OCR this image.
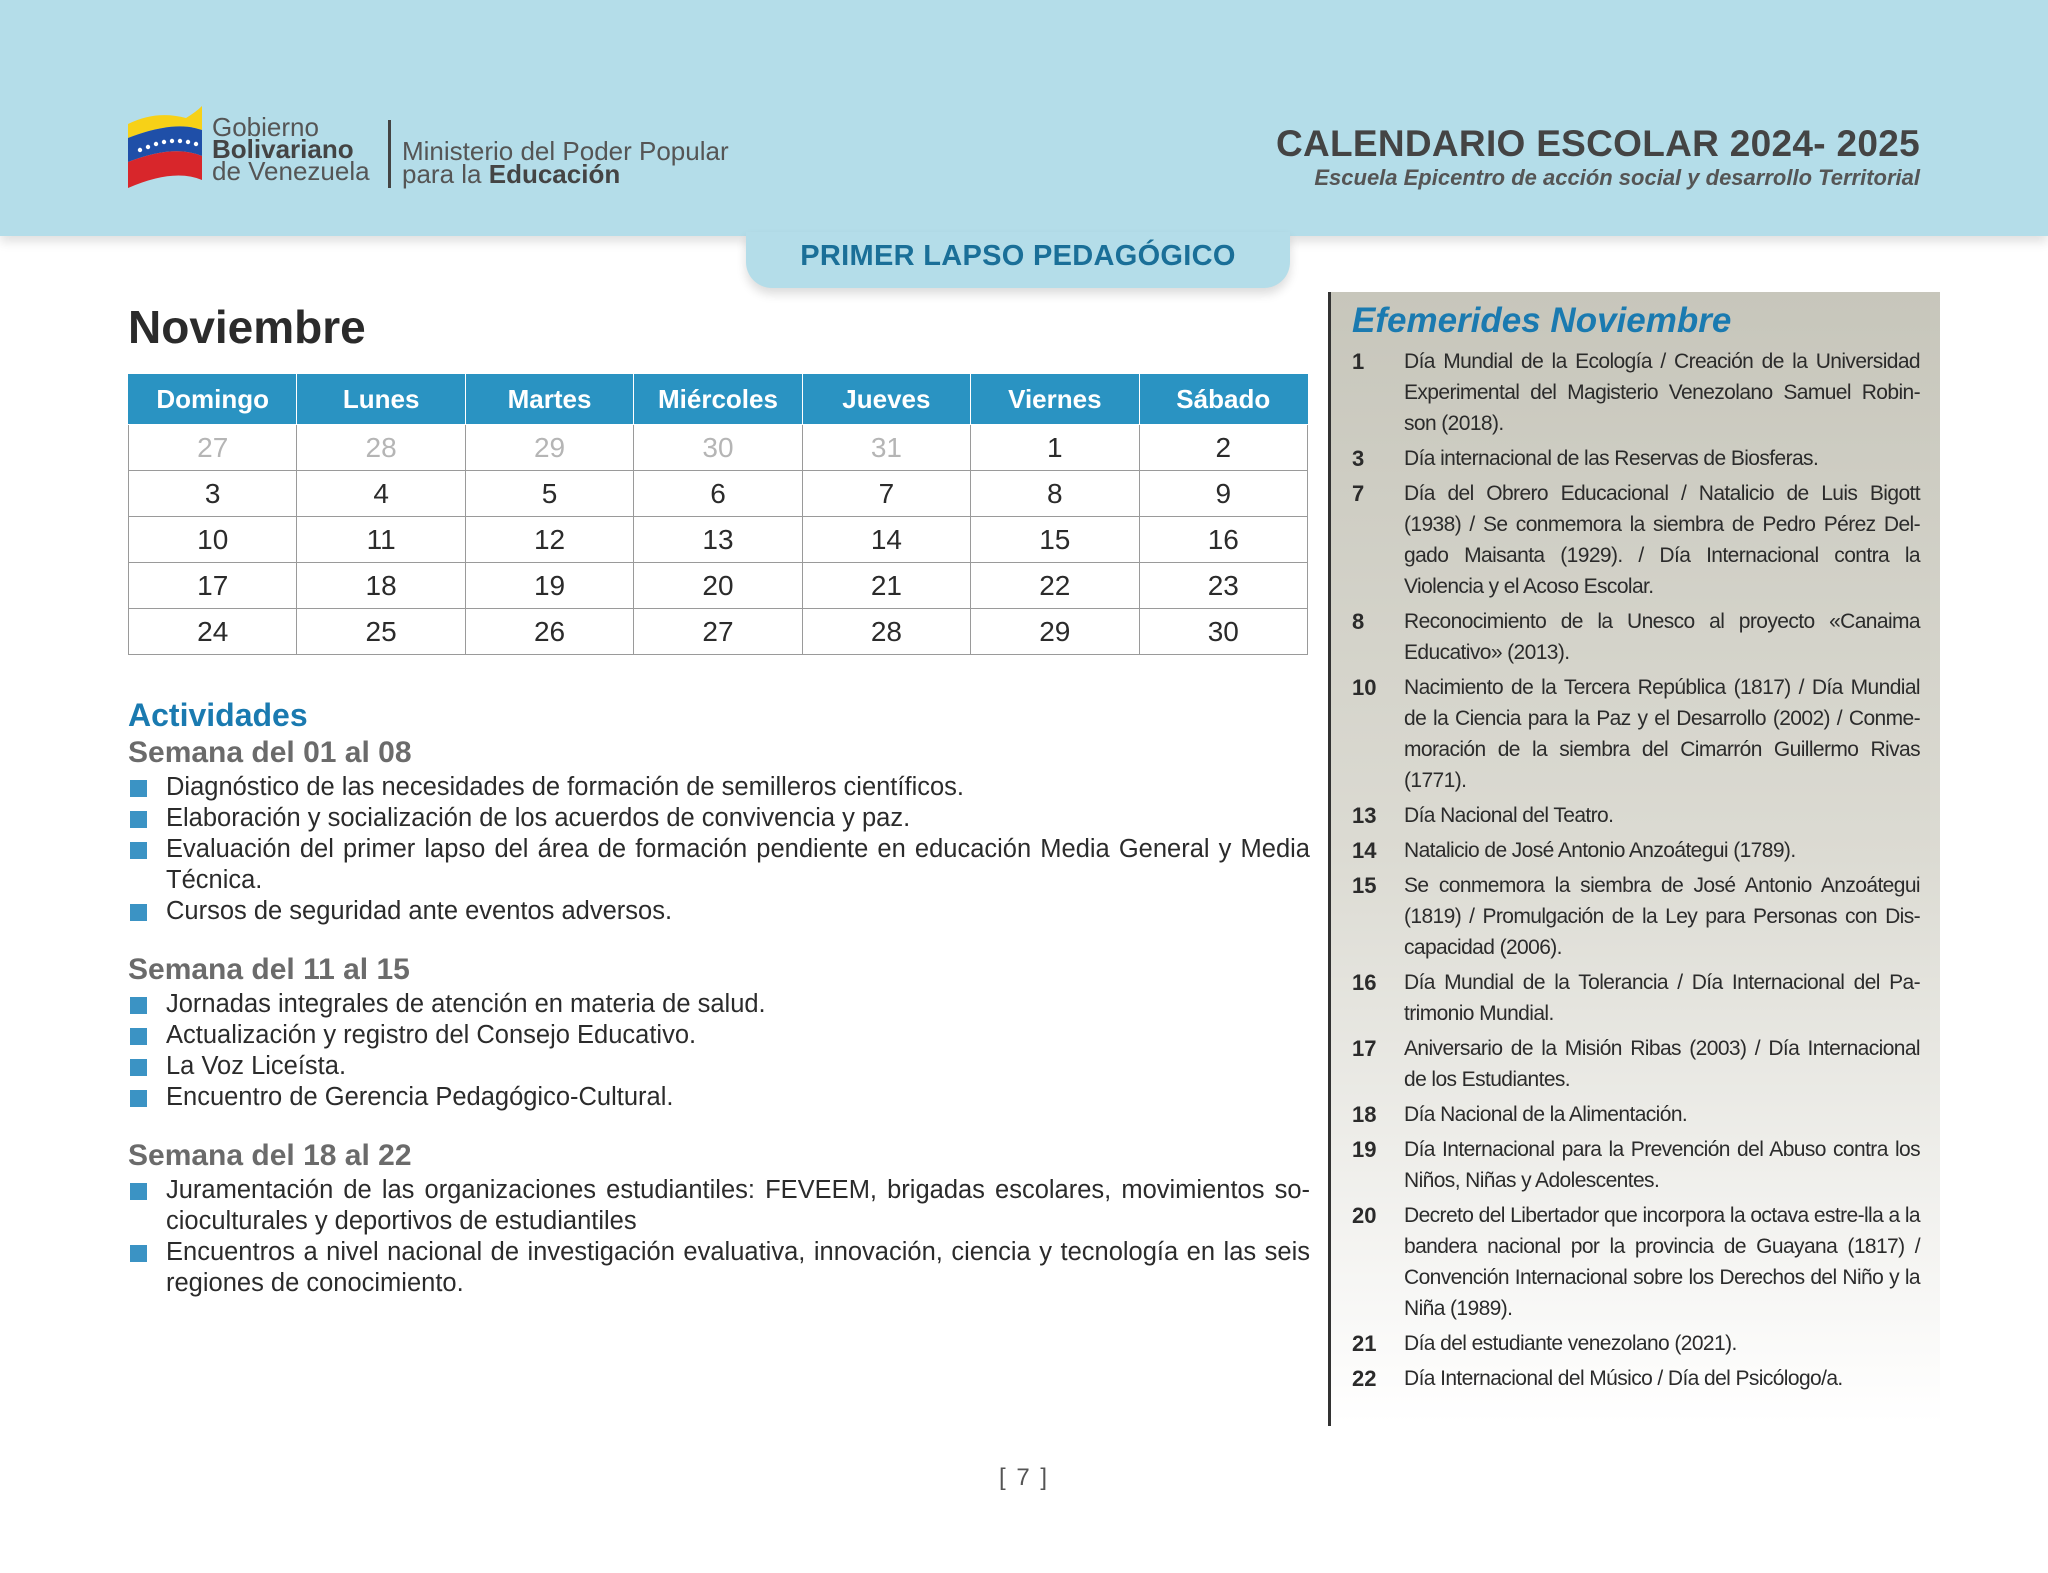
Gobierno
Bolivariano
de Venezuela
Ministerio del Poder Popular
para la Educación
CALENDARIO ESCOLAR 2024- 2025
Escuela Epicentro de acción social y desarrollo Territorial
PRIMER LAPSO PEDAGÓGICO
Noviembre
Domingo	Lunes	Martes	Miércoles	Jueves	Viernes	Sábado
27	28	29	30	31	1	2
3	4	5	6	7	8	9
10	11	12	13	14	15	16
17	18	19	20	21	22	23
24	25	26	27	28	29	30
Actividades
Semana del 01 al 08
Diagnóstico de las necesidades de formación de semilleros científicos.
Elaboración y socialización de los acuerdos de convivencia y paz.
Evaluación del primer lapso del área de formación pendiente en educación Media General y Media Técnica.
Cursos de seguridad ante eventos adversos.
Semana del 11 al 15
Jornadas integrales de atención en materia de salud.
Actualización y registro del Consejo Educativo.
La Voz Liceísta.
Encuentro de Gerencia Pedagógico-Cultural.
Semana del 18 al 22
Juramentación de las organizaciones estudiantiles: FEVEEM, brigadas escolares, movimientos so-cioculturales y deportivos de estudiantiles
Encuentros a nivel nacional de investigación evaluativa, innovación, ciencia y tecnología en las seis regiones de conocimiento.
Efemerides Noviembre
1	Día Mundial de la Ecología / Creación de la Universidad Experimental del Magisterio Venezolano Samuel Robin-son (2018).
3	Día internacional de las Reservas de Biosferas.
7	Día del Obrero Educacional / Natalicio de Luis Bigott (1938) / Se conmemora la siembra de Pedro Pérez Del-gado Maisanta (1929). / Día Internacional contra la Violencia y el Acoso Escolar.
8	Reconocimiento de la Unesco al proyecto «Canaima Educativo» (2013).
10	Nacimiento de la Tercera República (1817) / Día Mundial de la Ciencia para la Paz y el Desarrollo (2002) / Conme-moración de la siembra del Cimarrón Guillermo Rivas (1771).
13	Día Nacional del Teatro.
14	Natalicio de José Antonio Anzoátegui (1789).
15	Se conmemora la siembra de José Antonio Anzoátegui (1819) / Promulgación de la Ley para Personas con Dis-capacidad (2006).
16	Día Mundial de la Tolerancia / Día Internacional del Pa-trimonio Mundial.
17	Aniversario de la Misión Ribas (2003) / Día Internacional de los Estudiantes.
18	Día Nacional de la Alimentación.
19	Día Internacional para la Prevención del Abuso contra los Niños, Niñas y Adolescentes.
20	Decreto del Libertador que incorpora la octava estre-lla a la bandera nacional por la provincia de Guayana (1817) / Convención Internacional sobre los Derechos del Niño y la Niña (1989).
21	Día del estudiante venezolano (2021).
22	Día Internacional del Músico / Día del Psicólogo/a.
[ 7 ]
